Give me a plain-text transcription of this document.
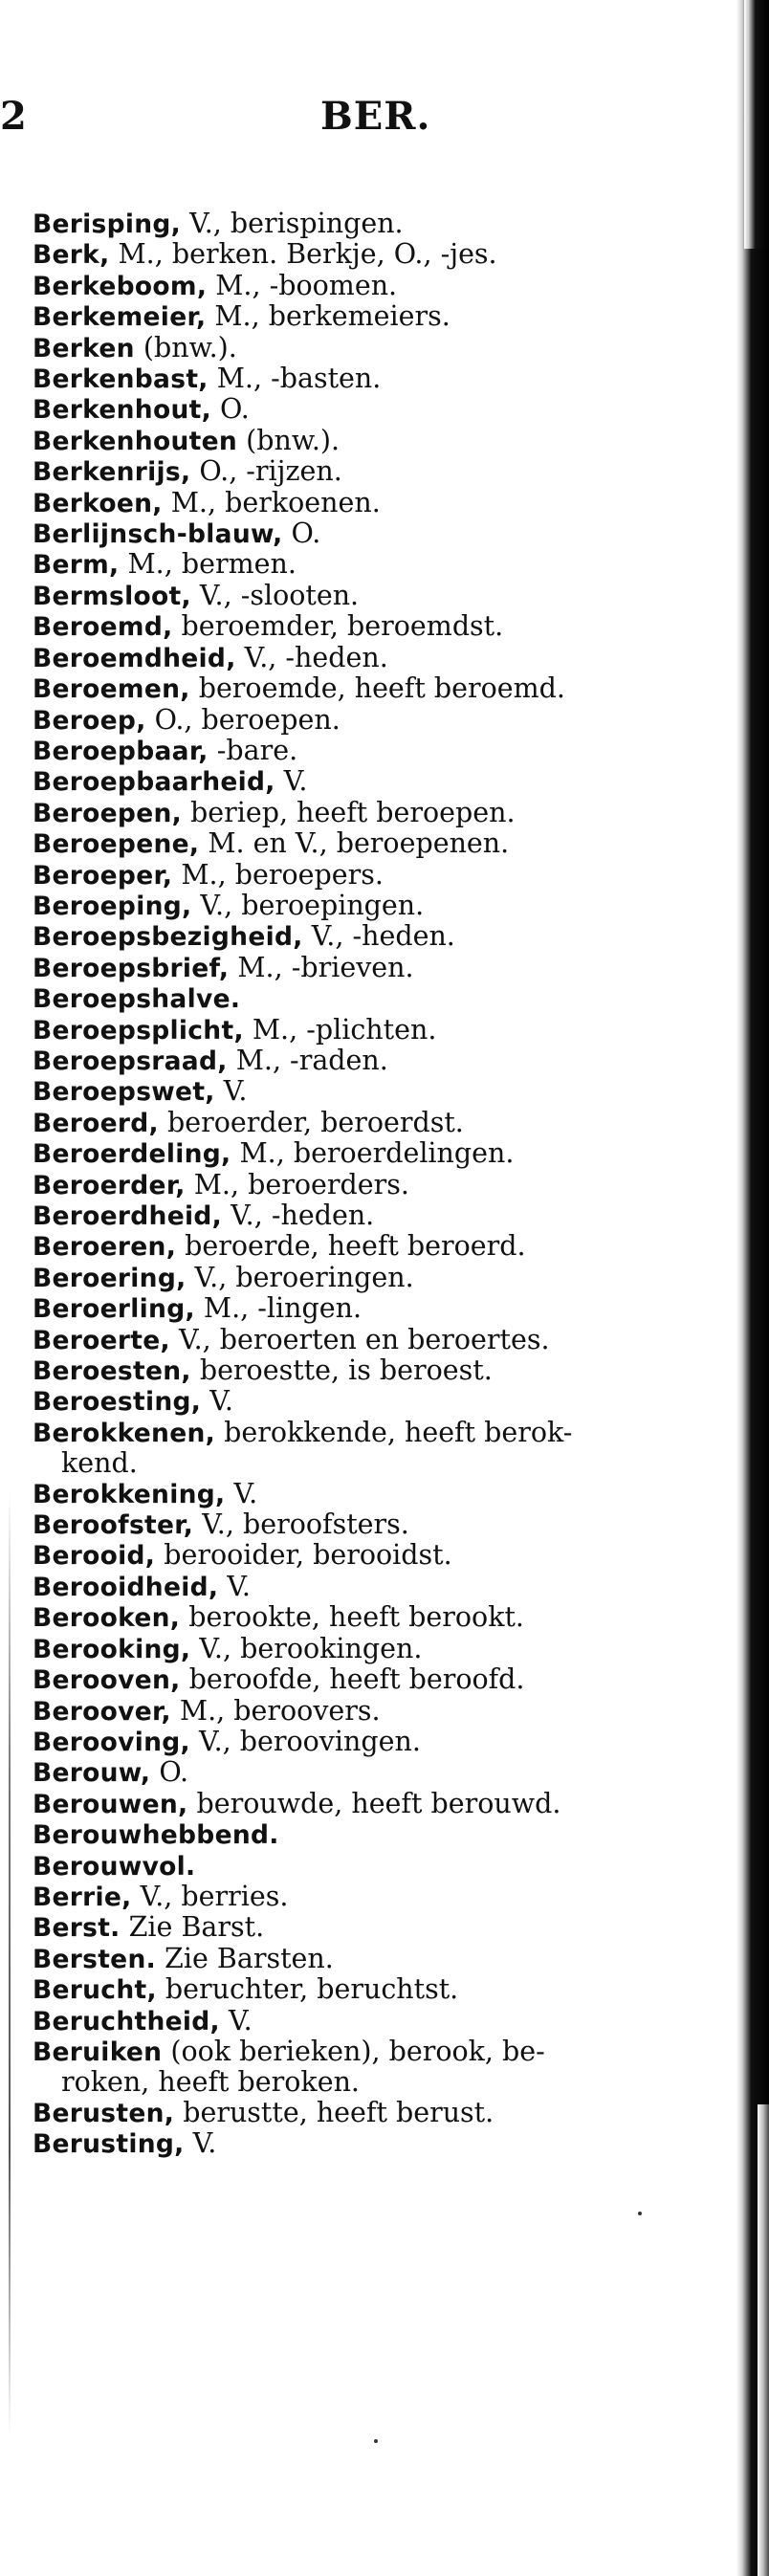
2	BER.
Berisping, V., berispingen.
Berk, M., berken. Berkje, O., -jes.
Berkeboom, M., -boomen.
Berkemeier, M., berkemeiers.
Berken (bnw.).
Berkenbast, M., -basten.
Berkenhout, O.
Berkenhouten (bnw.).
Berkenrijs, O., -rijzen.
Berkoen, M., berkoenen.
Berlijnsch-blauw, O.
Berm, M., bermen.
Bermsloot, V., -slooten.
Beroemd, beroemder, beroemdst.
Beroemdheid, V., -heden.
Beroemen, beroemde, heeft beroemd.
Beroep, O., beroepen.
Beroepbaar, -bare.
Beroepbaarheid, V.
Beroepen, beriep, heeft beroepen.
Beroepene, M. en V., beroepenen.
Beroeper, M., beroepers.
Beroeping, V., beroepingen.
Beroepsbezigheid, V., -heden.
Beroepsbrief, M., -brieven.
Beroepshalve.
Beroepsplicht, M., -plichten.
Beroepsraad, M., -raden.
Beroepswet, V.
Beroerd, beroerder, beroerdst.
Beroerdeling, M., beroerdelingen.
Beroerder, M., beroerders.
Beroerdheid, V., -heden.
Beroeren, beroerde, heeft beroerd.
Beroering, V., beroeringen.
Beroerling, M., -lingen.
Beroerte, V., beroerten en beroertes.
Beroesten, beroestte, is beroest.
Beroesting, V.
Berokkenen, berokkende, heeft berok-
kend.
Berokkening, V.
Beroofster, V., beroofsters.
Berooid, berooider, berooidst.
Berooidheid, V.
Berooken, berookte, heeft berookt.
Berooking, V., berookingen.
Berooven, beroofde, heeft beroofd.
Beroover, M., beroovers.
Berooving, V., beroovingen.
Berouw, O.
Berouwen, berouwde, heeft berouwd.
Berouwhebbend.
Berouwvol.
Berrie, V., berries.
Berst. Zie Barst.
Bersten. Zie Barsten.
Berucht, beruchter, beruchtst.
Beruchtheid, V.
Beruiken (ook berieken), berook, be-
roken, heeft beroken.
Berusten, berustte, heeft berust.
Berusting, V.
